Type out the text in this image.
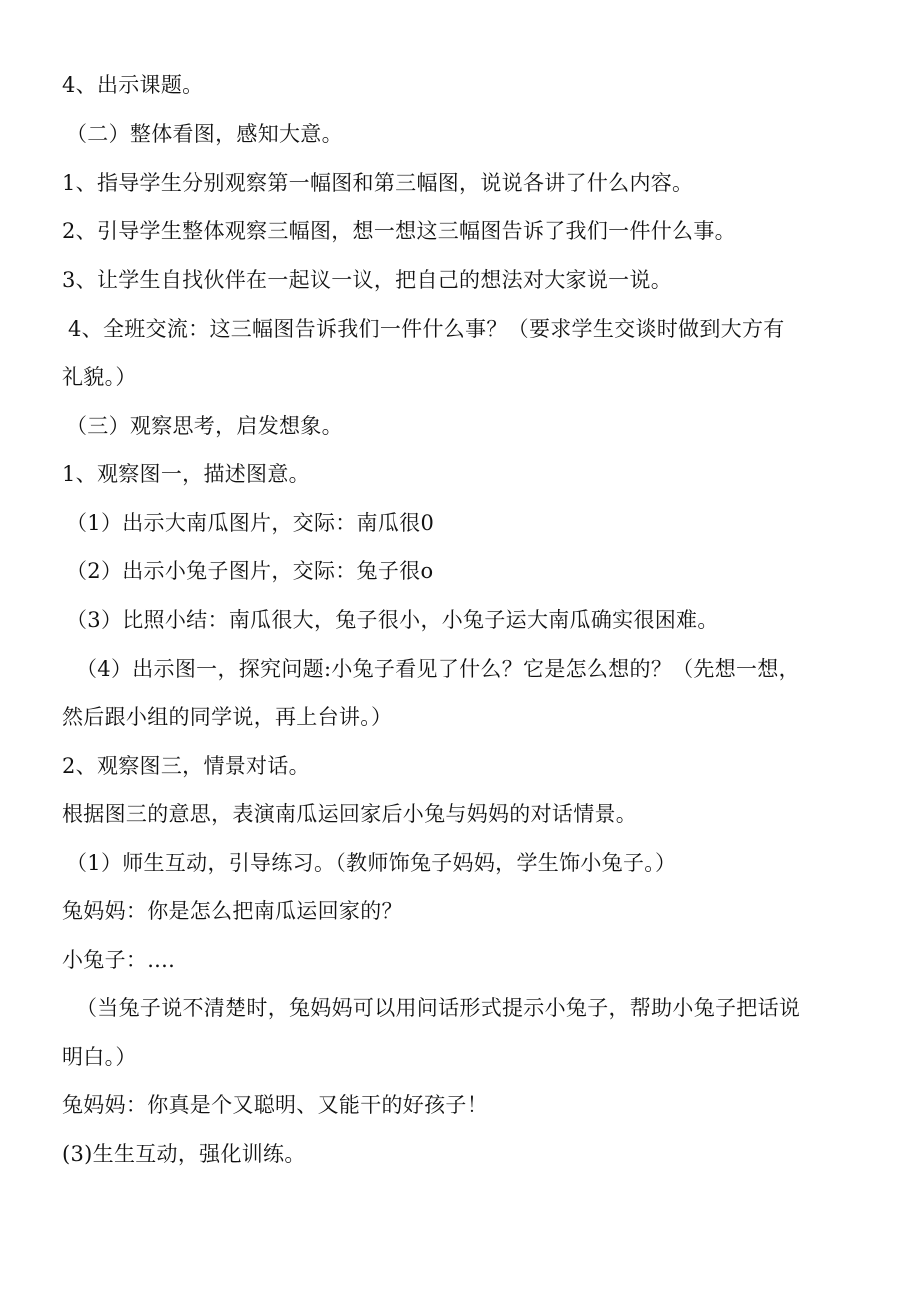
4、出示课题。
（二）整体看图，感知大意。
1、指导学生分别观察第一幅图和第三幅图，说说各讲了什么内容。
2、引导学生整体观察三幅图，想一想这三幅图告诉了我们一件什么事。
3、让学生自找伙伴在一起议一议，把自己的想法对大家说一说。
4、全班交流：这三幅图告诉我们一件什么事？（要求学生交谈时做到大方有
礼貌。）
（三）观察思考，启发想象。
1、观察图一，描述图意。
（1）出示大南瓜图片，交际：南瓜很0
（2）出示小兔子图片，交际：兔子很o
（3）比照小结：南瓜很大，兔子很小，小兔子运大南瓜确实很困难。
（4）出示图一，探究问题:小兔子看见了什么？它是怎么想的？（先想一想，
然后跟小组的同学说，再上台讲。）
2、观察图三，情景对话。
根据图三的意思，表演南瓜运回家后小兔与妈妈的对话情景。
（1）师生互动，引导练习。（教师饰兔子妈妈，学生饰小兔子。）
兔妈妈：你是怎么把南瓜运回家的？
小兔子：....
（当兔子说不清楚时，兔妈妈可以用问话形式提示小兔子，帮助小兔子把话说
明白。）
兔妈妈：你真是个又聪明、又能干的好孩子！
(3)生生互动，强化训练。
